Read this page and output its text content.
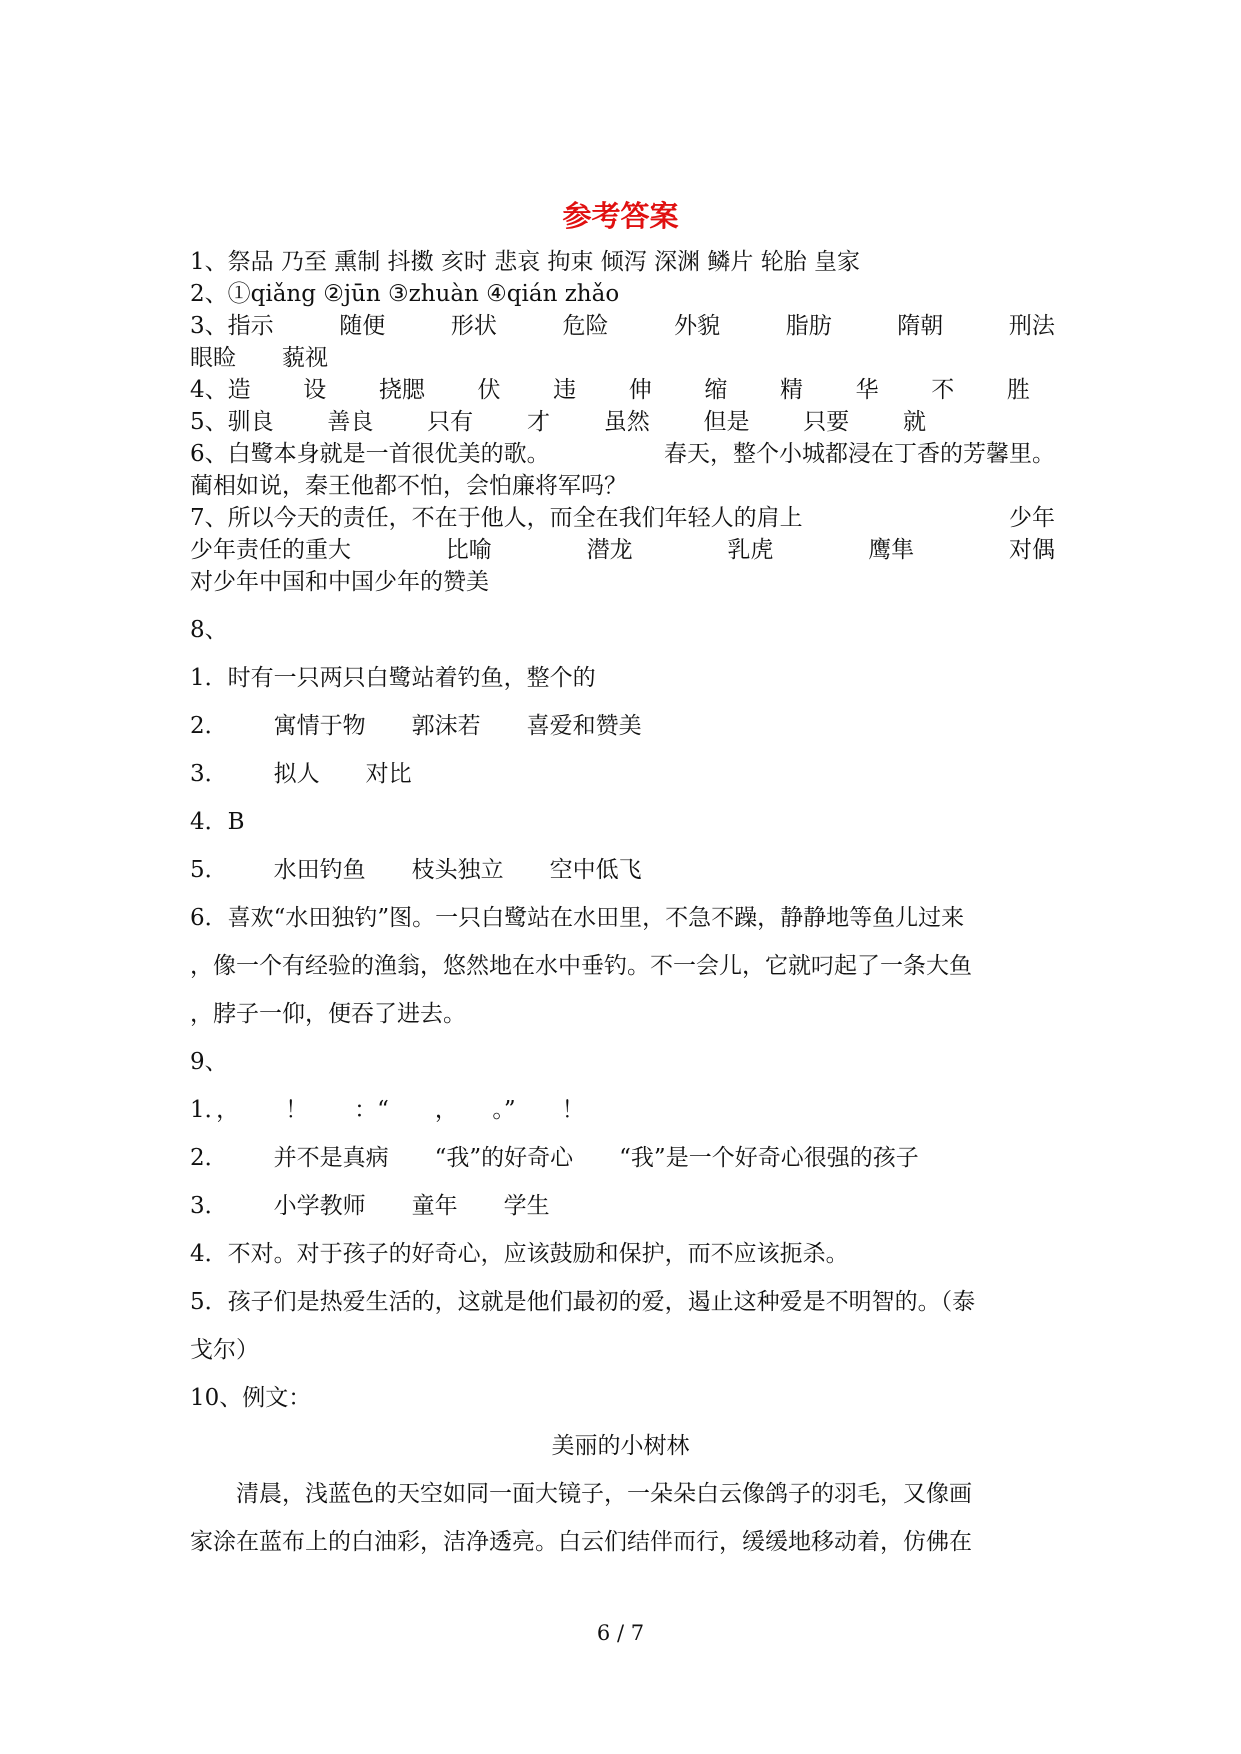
参考答案
1、祭品 乃至 熏制 抖擞 亥时 悲哀 拘束 倾泻 深渊 鳞片 轮胎 皇家
2、①qiǎng ②jūn ③zhuàn ④qián zhǎo
3、指示	随便	形状	危险	外貌	脂肪	隋朝	刑法
眼睑 藐视
4、造 设 挠腮 伏 违 伸 缩 精 华 不 胜
5、驯良 善良 只有 才 虽然 但是 只要 就
6、白鹭本身就是一首很优美的歌。	春天，整个小城都浸在丁香的芳馨里。
蔺相如说，秦王他都不怕，会怕廉将军吗？
7、所以今天的责任，不在于他人，而全在我们年轻人的肩上	少年
少年责任的重大	比喻	潜龙	乳虎	鹰隼	对偶
对少年中国和中国少年的赞美
8、
1．时有一只两只白鹭站着钓鱼，整个的
2． 寓情于物 郭沫若 喜爱和赞美
3． 拟人 对比
4．B
5． 水田钓鱼 枝头独立 空中低飞
6．喜欢“水田独钓”图。一只白鹭站在水田里，不急不躁，静静地等鱼儿过来
，像一个有经验的渔翁，悠然地在水中垂钓。不一会儿，它就叼起了一条大鱼
，脖子一仰，便吞了进去。
9、
1．， ！ ：“ ， 。” ！
2． 并不是真病 “我”的好奇心 “我”是一个好奇心很强的孩子
3． 小学教师 童年 学生
4．不对。对于孩子的好奇心，应该鼓励和保护，而不应该扼杀。
5．孩子们是热爱生活的，这就是他们最初的爱，遏止这种爱是不明智的。（泰
戈尔）
10、例文：
美丽的小树林
清晨，浅蓝色的天空如同一面大镜子，一朵朵白云像鸽子的羽毛，又像画
家涂在蓝布上的白油彩，洁净透亮。白云们结伴而行，缓缓地移动着，仿佛在
6 / 7
